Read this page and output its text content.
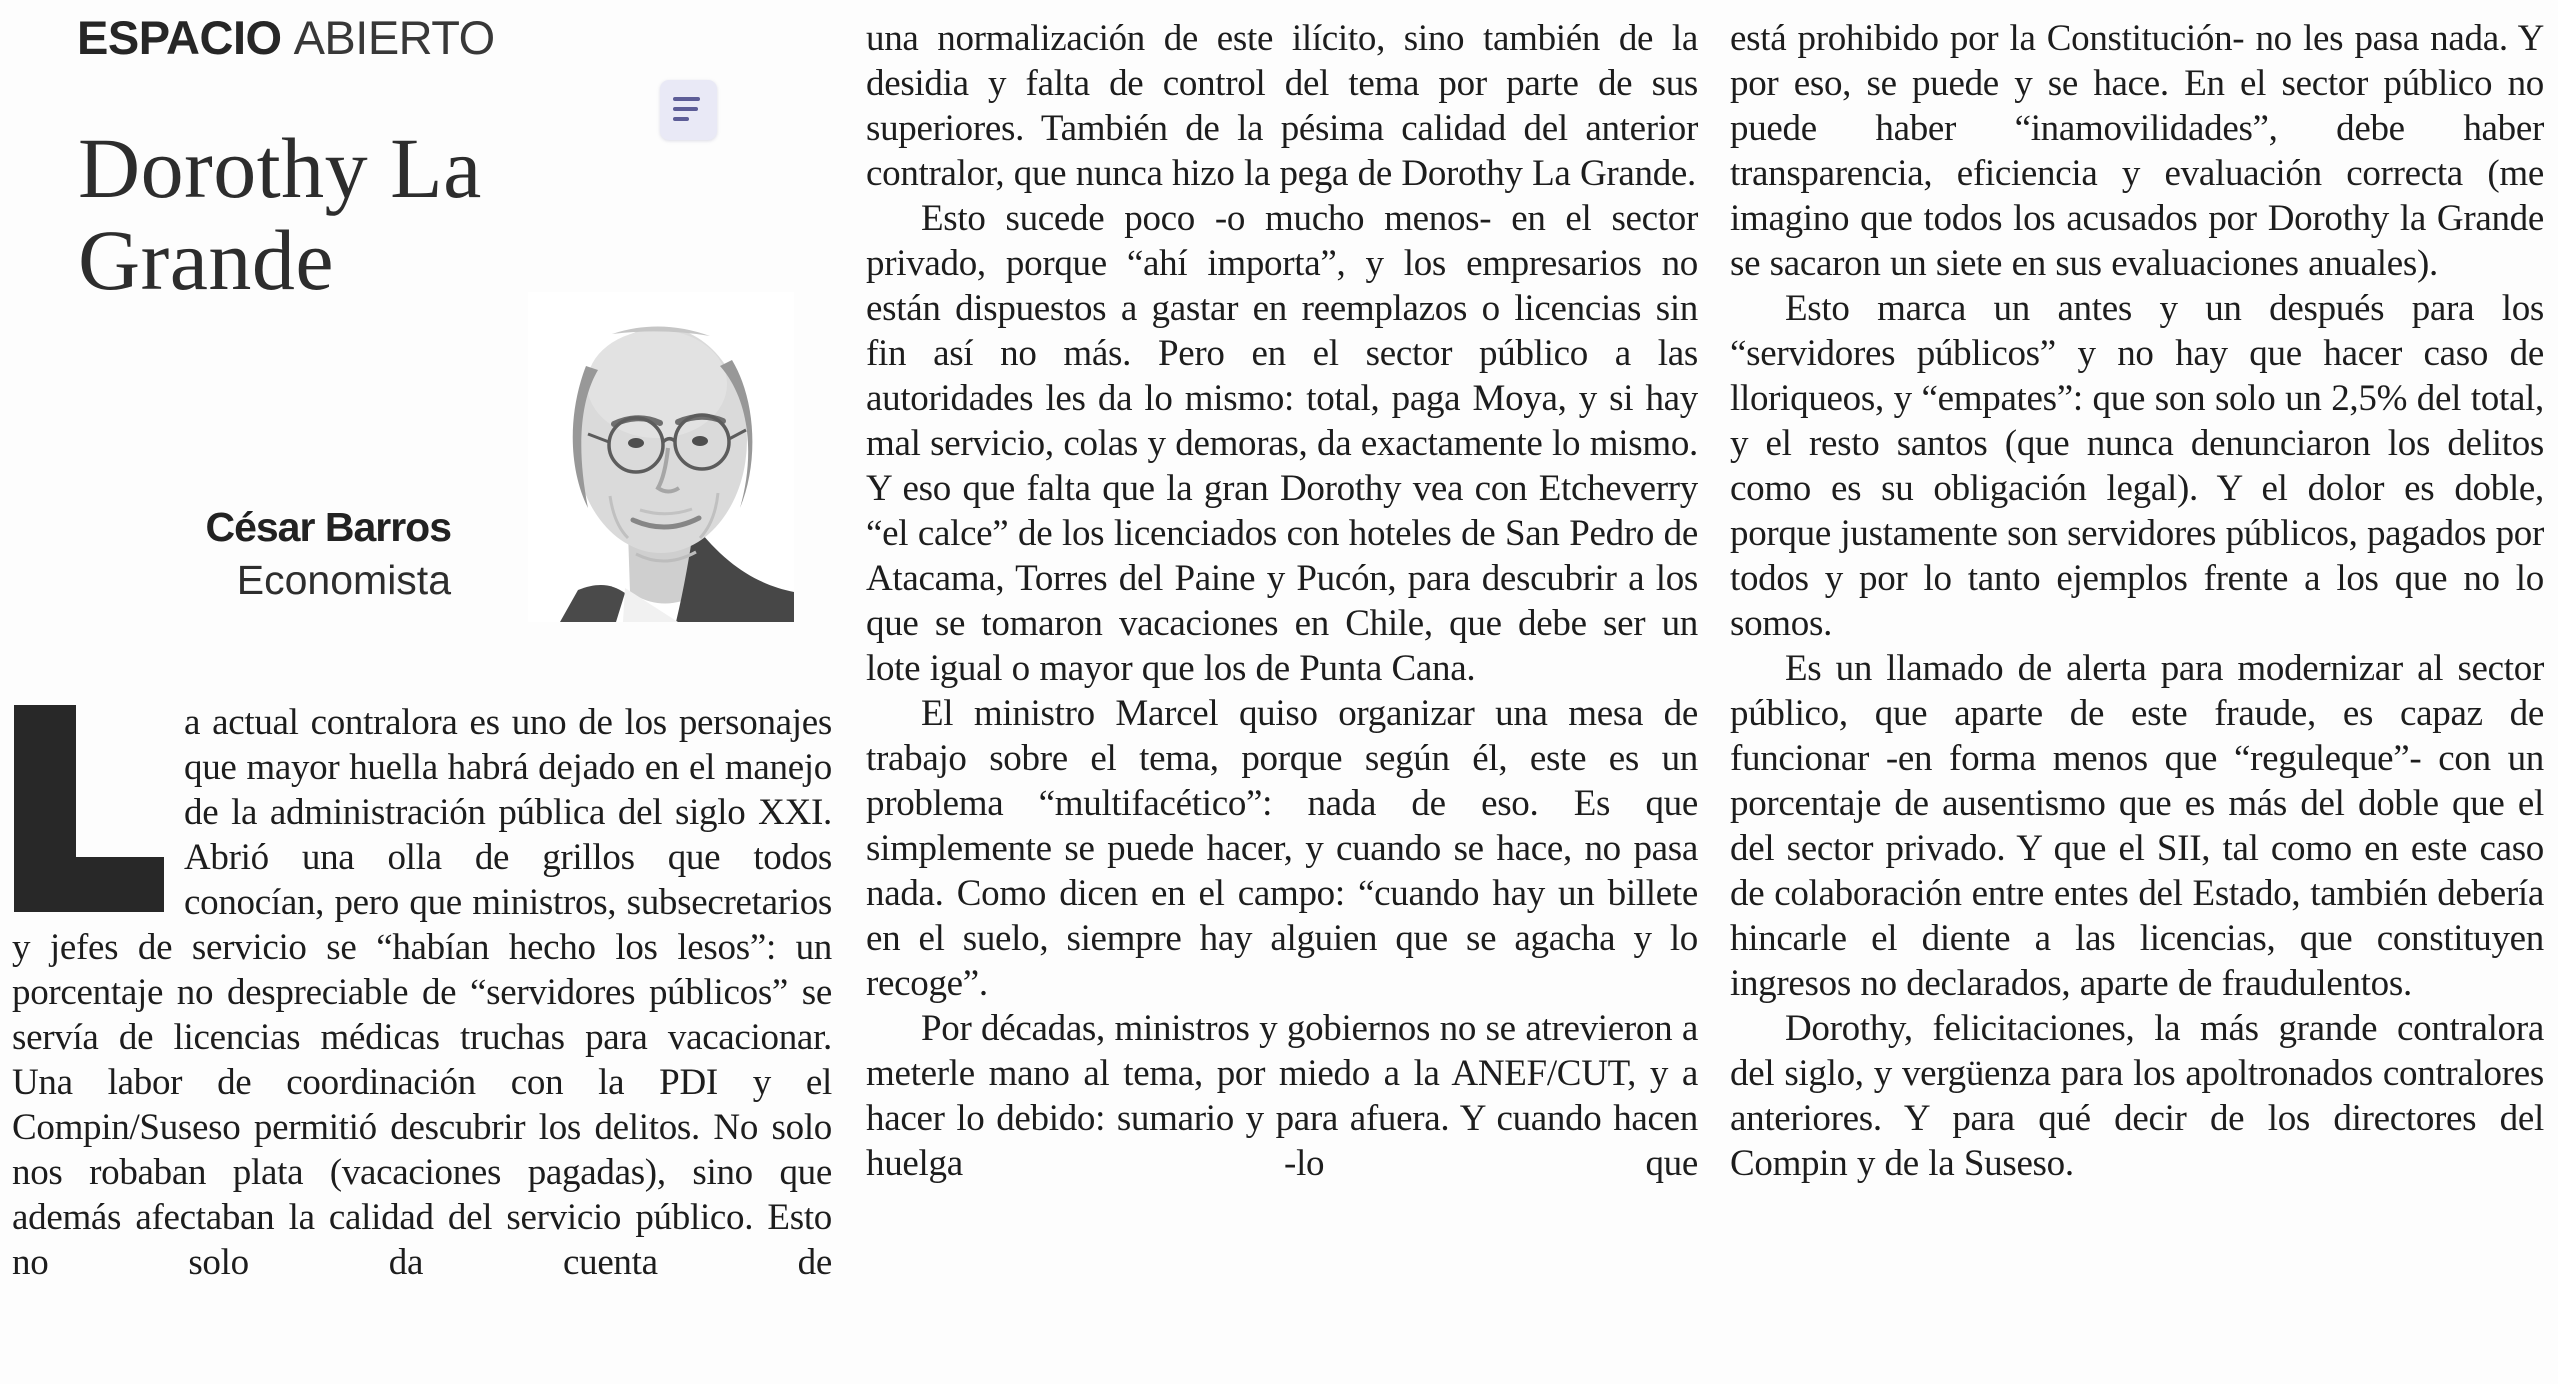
ESPACIO ABIERTO
Dorothy La
Grande
César Barros
Economista

a actual contralora es uno de los personajes que mayor huella habrá dejado en el manejo de la administración pública del siglo XXI. Abrió una olla de grillos que todos conocían, pero que ministros, subsecretarios y jefes de servicio se “habían hecho los lesos”: un porcentaje no despreciable de “servidores públicos” se servía de licencias médicas truchas para vacacionar. Una labor de coordinación con la PDI y el Compin/Suseso permitió descubrir los delitos. No solo nos robaban plata (vacaciones pagadas), sino que además afectaban la calidad del servicio público. Esto no solo da cuenta de

una normalización de este ilícito, sino también de la desidia y falta de control del tema por parte de sus superiores. También de la pésima calidad del anterior contralor, que nunca hizo la pega de Dorothy La Grande.

Esto sucede poco -o mucho menos- en el sector privado, porque “ahí importa”, y los empresarios no están dispuestos a gastar en reemplazos o licencias sin fin así no más. Pero en el sector público a las autoridades les da lo mismo: total, paga Moya, y si hay mal servicio, colas y demoras, da exactamente lo mismo. Y eso que falta que la gran Dorothy vea con Etcheverry “el calce” de los licenciados con hoteles de San Pedro de Atacama, Torres del Paine y Pucón, para descubrir a los que se tomaron vacaciones en Chile, que debe ser un lote igual o mayor que los de Punta Cana.

El ministro Marcel quiso organizar una mesa de trabajo sobre el tema, porque según él, este es un problema “multifacético”: nada de eso. Es que simplemente se puede hacer, y cuando se hace, no pasa nada. Como dicen en el campo: “cuando hay un billete en el suelo, siempre hay alguien que se agacha y lo recoge”.

Por décadas, ministros y gobiernos no se atrevieron a meterle mano al tema, por miedo a la ANEF/CUT, y a hacer lo debido: sumario y para afuera. Y cuando hacen huelga -lo que

está prohibido por la Constitución- no les pasa nada. Y por eso, se puede y se hace. En el sector público no puede haber “inamovilidades”, debe haber transparencia, eficiencia y evaluación correcta (me imagino que todos los acusados por Dorothy la Grande se sacaron un siete en sus evaluaciones anuales).

Esto marca un antes y un después para los “servidores públicos” y no hay que hacer caso de lloriqueos, y “empates”: que son solo un 2,5% del total, y el resto santos (que nunca denunciaron los delitos como es su obligación legal). Y el dolor es doble, porque justamente son servidores públicos, pagados por todos y por lo tanto ejemplos frente a los que no lo somos.

Es un llamado de alerta para modernizar al sector público, que aparte de este fraude, es capaz de funcionar -en forma menos que “reguleque”- con un porcentaje de ausentismo que es más del doble que el del sector privado. Y que el SII, tal como en este caso de colaboración entre entes del Estado, también debería hincarle el diente a las licencias, que constituyen ingresos no declarados, aparte de fraudulentos.

Dorothy, felicitaciones, la más grande contralora del siglo, y vergüenza para los apoltronados contralores anteriores. Y para qué decir de los directores del Compin y de la Suseso.
